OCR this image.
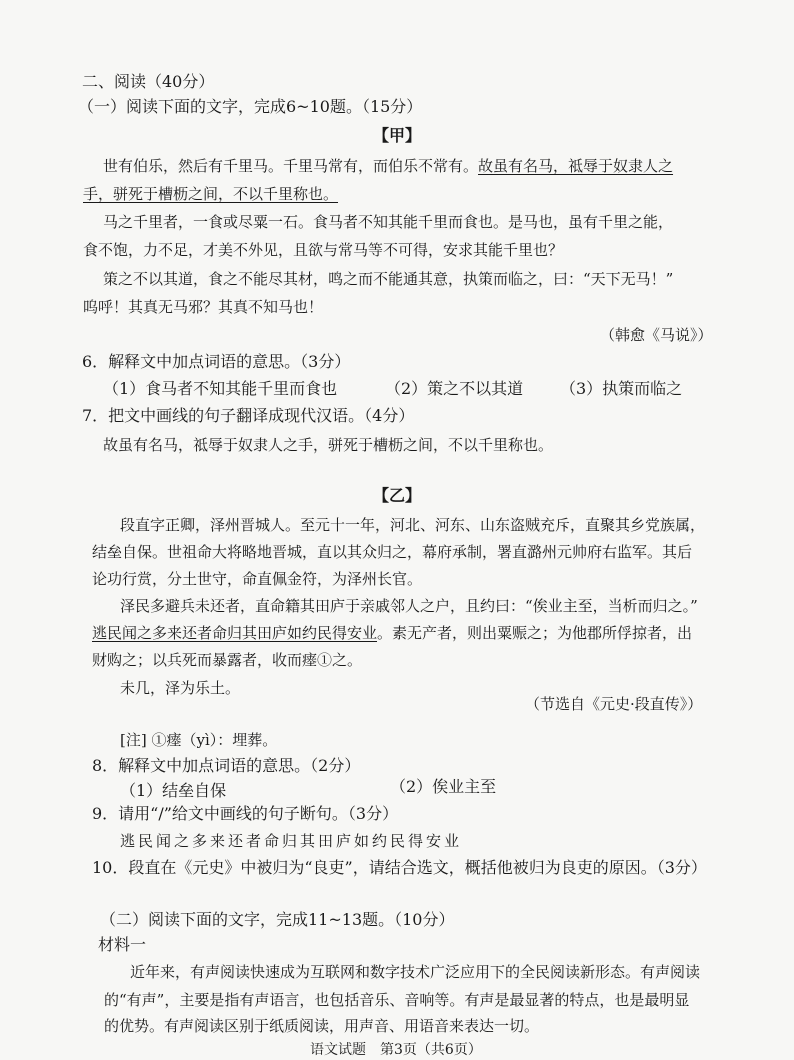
二、阅读（40分）
（一）阅读下面的文字，完成6~10题。（15分）
【甲】
世有伯乐，然后有千里马。千里马常有，而伯乐不常有。故虽有名马，祗辱于奴隶人之
手，骈死于槽枥之间，不以千里称也。
马之千里者，一食或尽粟一石。食马者不知其能千里而食也。是马也，虽有千里之能，
食不饱，力不足，才美不外见，且欲与常马等不可得，安求其能千里也？
策之不以其道，食之不能尽其材，鸣之而不能通其意，执策而临之，曰：“天下无马！”
呜呼！其真无马邪？其真不知马也！
（韩愈《马说》）
6．解释文中加点词语的意思。（3分）
（1）食马者不知其能千里而食也	（2）策之不以其道 （3）执策而临之
7．把文中画线的句子翻译成现代汉语。（4分）
故虽有名马，祗辱于奴隶人之手，骈死于槽枥之间，不以千里称也。
【乙】
段直字正卿，泽州晋城人。至元十一年，河北、河东、山东盗贼充斥，直聚其乡党族属，
结垒自保。世祖命大将略地晋城，直以其众归之，幕府承制，署直潞州元帅府右监军。其后
论功行赏，分土世守，命直佩金符，为泽州长官。
泽民多避兵未还者，直命籍其田庐于亲戚邻人之户，且约曰：“俟业主至，当析而归之。”
逃民闻之多来还者命归其田庐如约民得安业。素无产者，则出粟赈之；为他郡所俘掠者，出
财购之；以兵死而暴露者，收而瘗①之。
未几，泽为乐土。
（节选自《元史·段直传》）
[注] ①瘗（yì）：埋葬。
8．解释文中加点词语的意思。（2分）
（1）结垒自保	（2）俟业主至
9．请用“/”给文中画线的句子断句。（3分）
逃民闻之多来还者命归其田庐如约民得安业
10．段直在《元史》中被归为“良吏”，请结合选文，概括他被归为良吏的原因。（3分）
（二）阅读下面的文字，完成11~13题。（10分）
材料一
近年来，有声阅读快速成为互联网和数字技术广泛应用下的全民阅读新形态。有声阅读
的“有声”，主要是指有声语言，也包括音乐、音响等。有声是最显著的特点，也是最明显
的优势。有声阅读区别于纸质阅读，用声音、用语音来表达一切。
语文试题　第3页（共6页）
